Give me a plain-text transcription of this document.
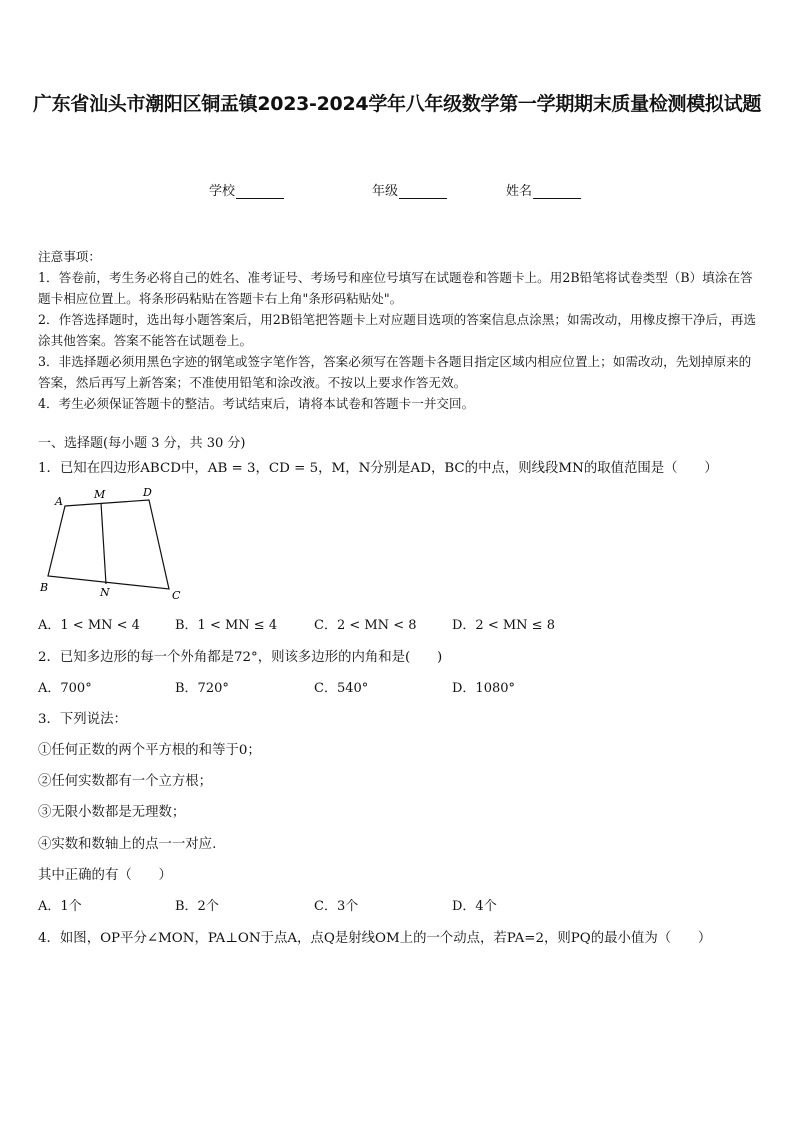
广东省汕头市潮阳区铜盂镇2023-2024学年八年级数学第一学期期末质量检测模拟试题
学校	年级	姓名

注意事项：

1．答卷前，考生务必将自己的姓名、准考证号、考场号和座位号填写在试题卷和答题卡上。用2B铅笔将试卷类型（B）填涂在答题卡相应位置上。将条形码粘贴在答题卡右上角"条形码粘贴处"。

2．作答选择题时，选出每小题答案后，用2B铅笔把答题卡上对应题目选项的答案信息点涂黑；如需改动，用橡皮擦干净后，再选涂其他答案。答案不能答在试题卷上。

3．非选择题必须用黑色字迹的钢笔或签字笔作答，答案必须写在答题卡各题目指定区域内相应位置上；如需改动，先划掉原来的答案，然后再写上新答案；不准使用铅笔和涂改液。不按以上要求作答无效。

4．考生必须保证答题卡的整洁。考试结束后，请将本试卷和答题卡一并交回。

一、选择题(每小题 3 分，共 30 分)
1．已知在四边形ABCD中，AB = 3，CD = 5，M，N分别是AD，BC的中点，则线段MN的取值范围是（　　）
A
M	D
B	N	C
A．1 < MN < 4	B．1 < MN ≤ 4	C．2 < MN < 8	D．2 < MN ≤ 8
2．已知多边形的每一个外角都是72°，则该多边形的内角和是(　　)
A．700°	B．720°	C．540°	D．1080°
3．下列说法：
①任何正数的两个平方根的和等于0；
②任何实数都有一个立方根；
③无限小数都是无理数；
④实数和数轴上的点一一对应.
其中正确的有（　　）
A．1个	B．2个	C．3个	D．4个
4．如图，OP平分∠MON，PA⊥ON于点A，点Q是射线OM上的一个动点，若PA=2，则PQ的最小值为（　　）
